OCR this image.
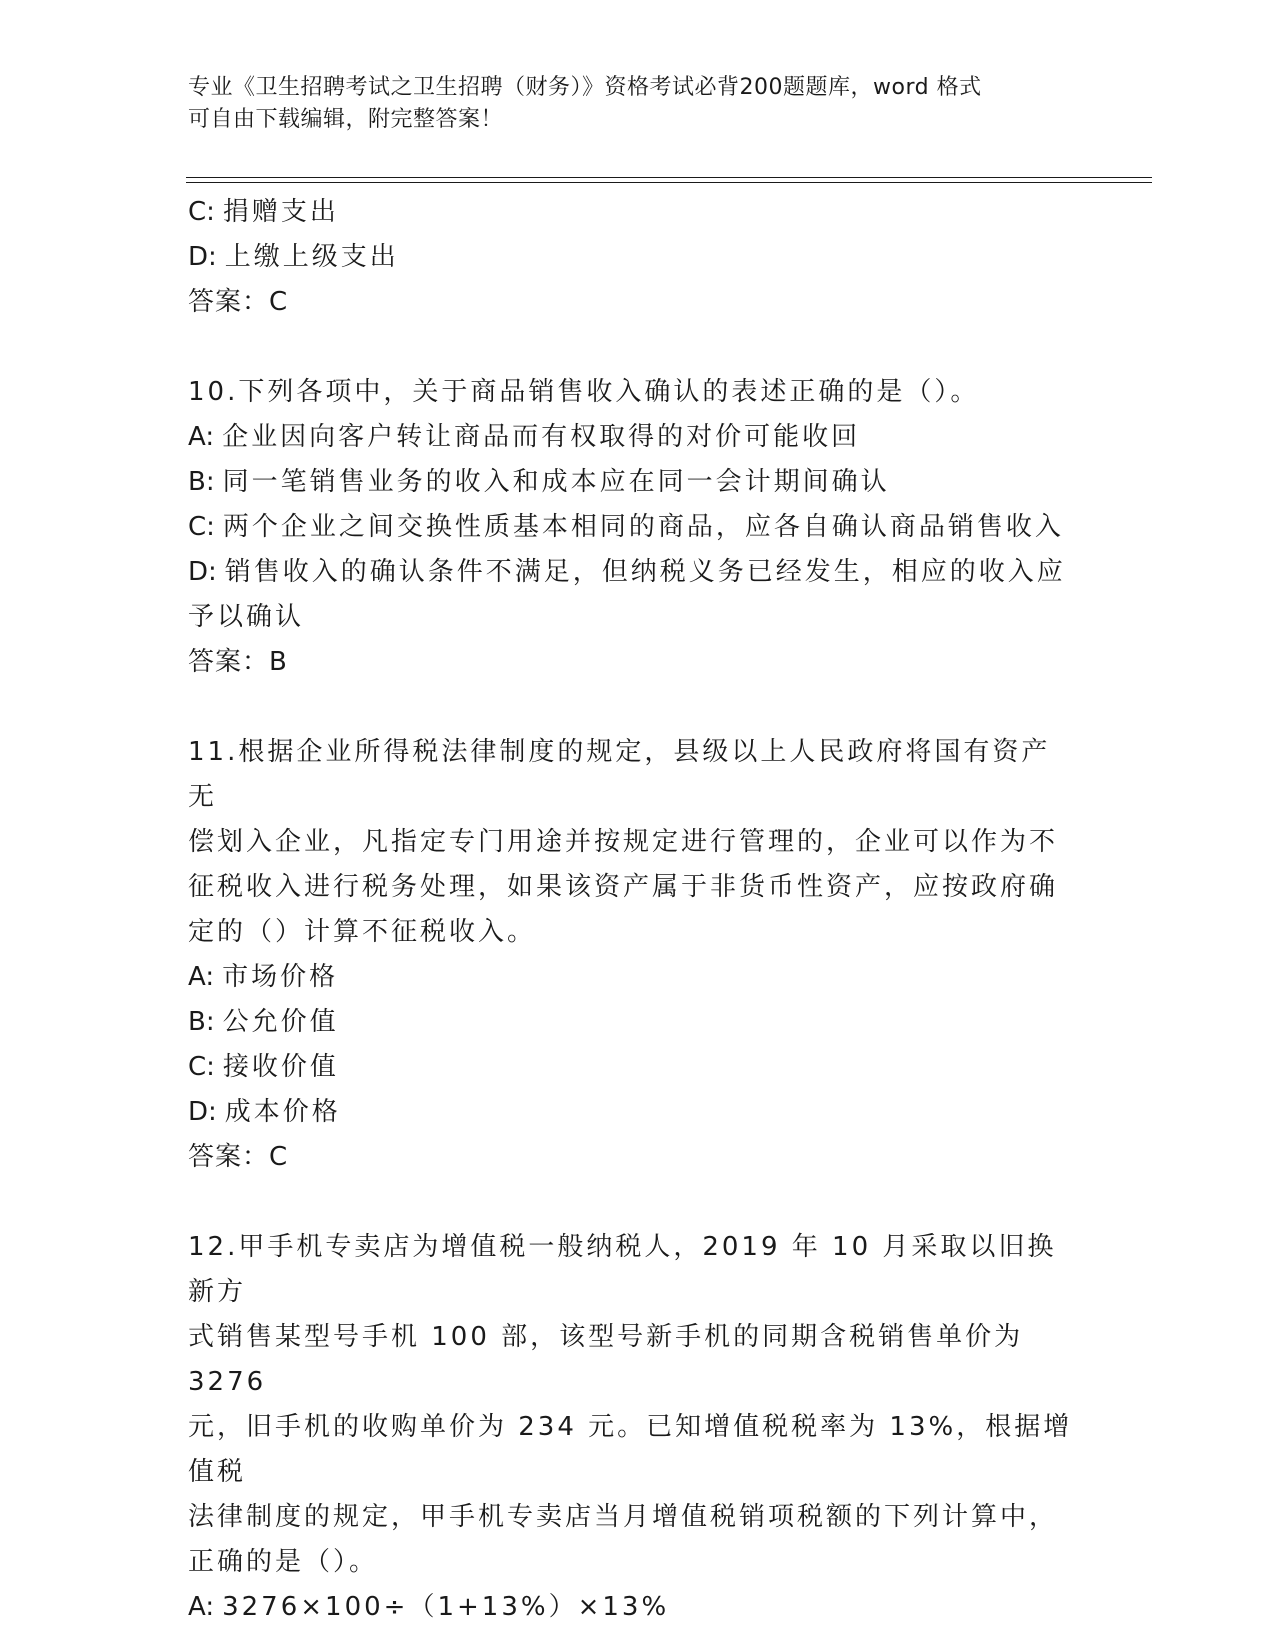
专业《卫生招聘考试之卫生招聘（财务）》资格考试必背200题题库，word 格式
可自由下载编辑，附完整答案！
C: 捐赠支出
D: 上缴上级支出
答案：C
10.下列各项中，关于商品销售收入确认的表述正确的是（）。
A: 企业因向客户转让商品而有权取得的对价可能收回
B: 同一笔销售业务的收入和成本应在同一会计期间确认
C: 两个企业之间交换性质基本相同的商品，应各自确认商品销售收入
D: 销售收入的确认条件不满足，但纳税义务已经发生，相应的收入应
予以确认
答案：B
11.根据企业所得税法律制度的规定，县级以上人民政府将国有资产无
偿划入企业，凡指定专门用途并按规定进行管理的，企业可以作为不
征税收入进行税务处理，如果该资产属于非货币性资产，应按政府确
定的（）计算不征税收入。
A: 市场价格
B: 公允价值
C: 接收价值
D: 成本价格
答案：C
12.甲手机专卖店为增值税一般纳税人，2019 年 10 月采取以旧换新方
式销售某型号手机 100 部，该型号新手机的同期含税销售单价为 3276
元，旧手机的收购单价为 234 元。已知增值税税率为 13%，根据增值税
法律制度的规定，甲手机专卖店当月增值税销项税额的下列计算中，
正确的是（）。
A: 3276×100÷（1+13%）×13%
